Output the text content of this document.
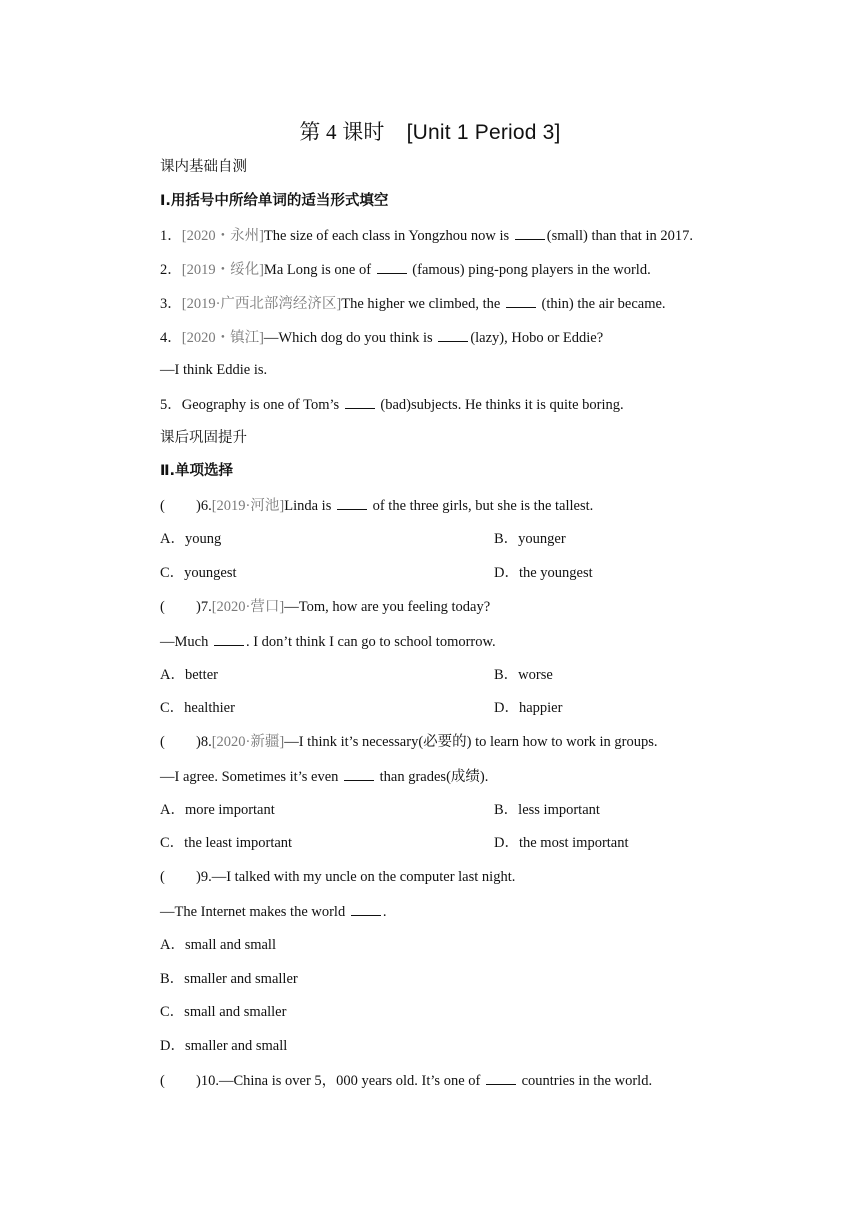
第 4 课时 [Unit 1 Period 3]
课内基础自测
Ⅰ.用括号中所给单词的适当形式填空
1．[2020・永州]The size of each class in Yongzhou now is (small) than that in 2017.
2．[2019・绥化]Ma Long is one of  (famous) ping-pong players in the world.
3．[2019·广西北部湾经济区]The higher we climbed, the  (thin) the air became.
4．[2020・镇江]—Which dog do you think is (lazy), Hobo or Eddie?
—I think Eddie is.
5．Geography is one of Tom’s  (bad)subjects. He thinks it is quite boring.
课后巩固提升
Ⅱ.单项选择
( )6.[2019·河池]Linda is  of the three girls, but she is the tallest.
A．young	B．younger
C．youngest	D．the youngest
( )7.[2020·营口]—Tom, how are you feeling today?
—Much . I don’t think I can go to school tomorrow.
A．better	B．worse
C．healthier	D．happier
( )8.[2020·新疆]—I think it’s necessary(必要的) to learn how to work in groups.
—I agree. Sometimes it’s even  than grades(成绩).
A．more important	B．less important
C．the least important	D．the most important
( )9.—I talked with my uncle on the computer last night.
—The Internet makes the world .
A．small and small
B．smaller and smaller
C．small and smaller
D．smaller and small
( )10.—China is over 5，000 years old. It’s one of  countries in the world.
